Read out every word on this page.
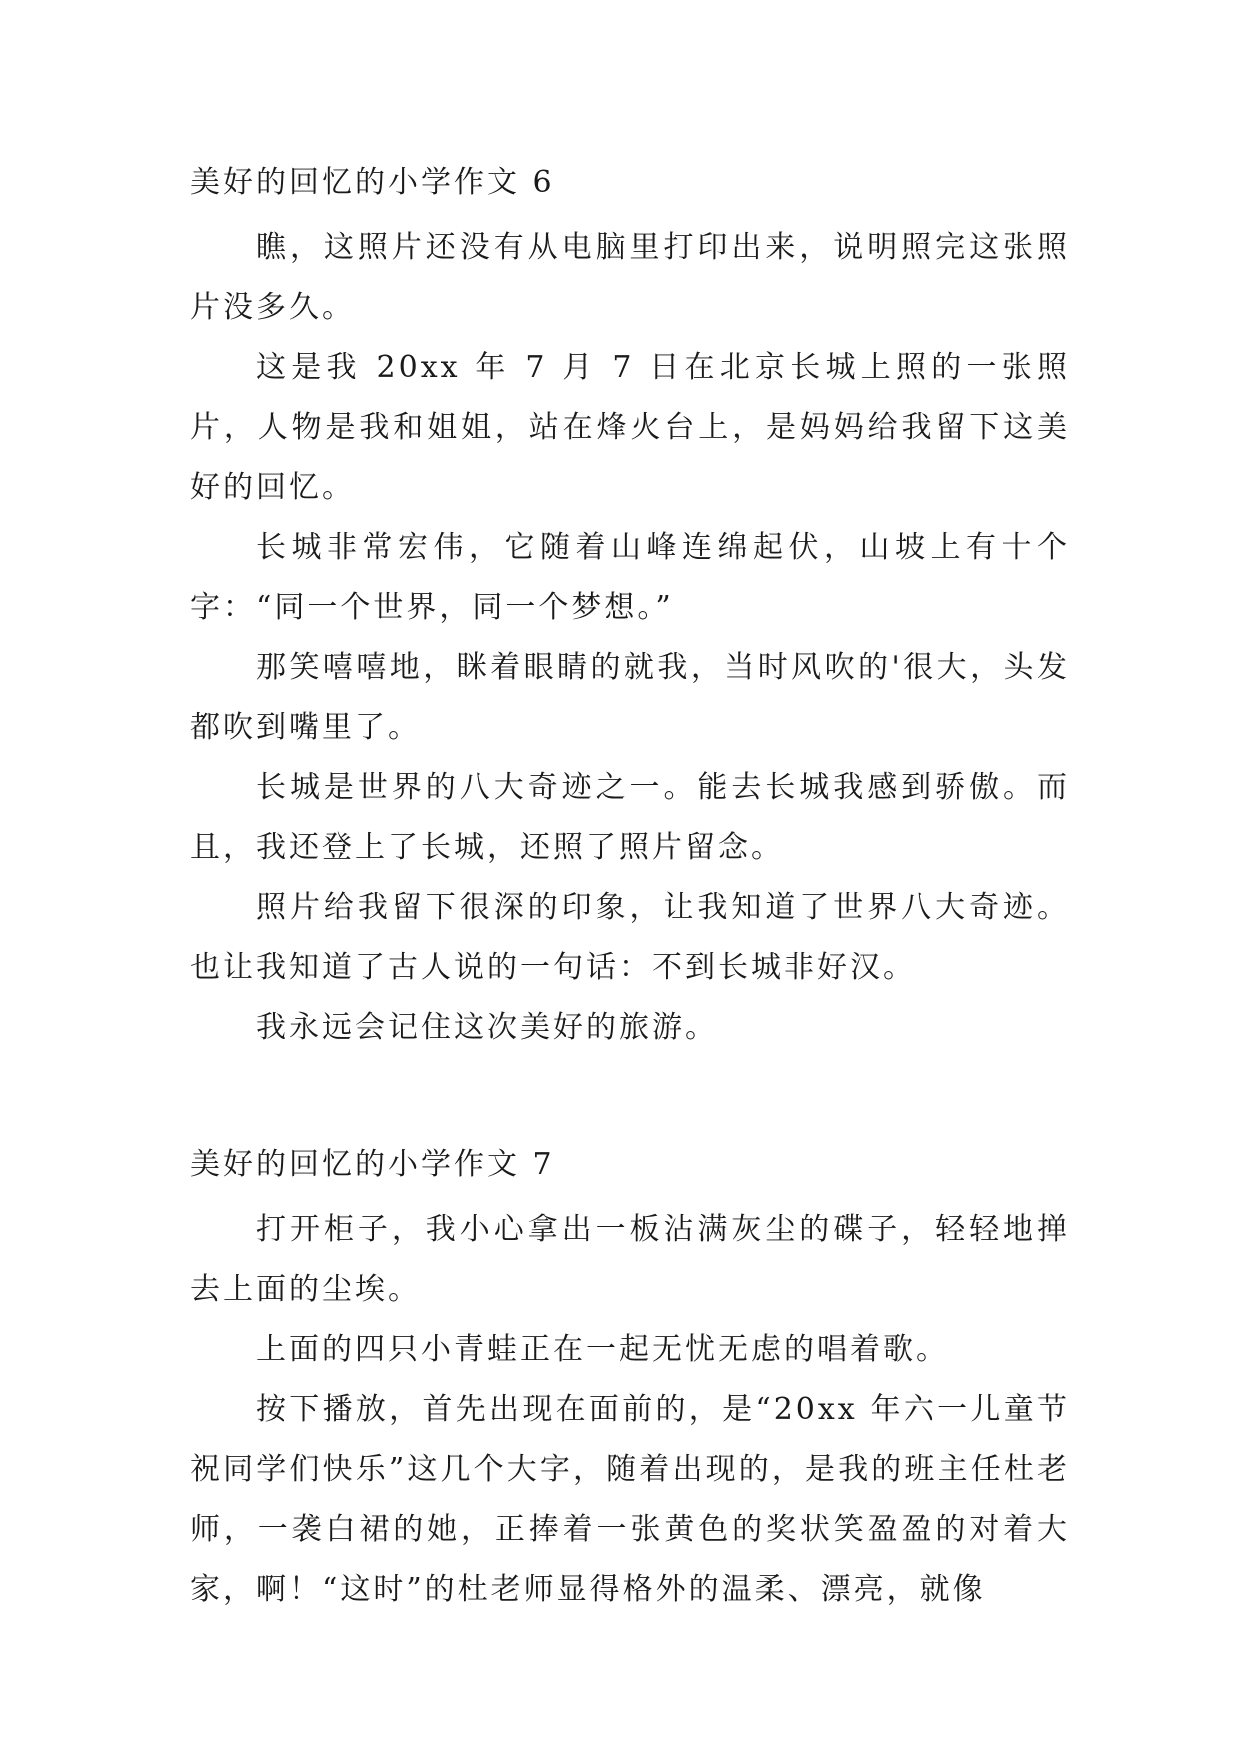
美好的回忆的小学作文 6

瞧，这照片还没有从电脑里打印出来，说明照完这张照片没多久。

这是我 20xx 年 7 月 7 日在北京长城上照的一张照片，人物是我和姐姐，站在烽火台上，是妈妈给我留下这美好的回忆。

长城非常宏伟，它随着山峰连绵起伏，山坡上有十个字：“同一个世界，同一个梦想。”

那笑嘻嘻地，眯着眼睛的就我，当时风吹的'很大，头发都吹到嘴里了。

长城是世界的八大奇迹之一。能去长城我感到骄傲。而且，我还登上了长城，还照了照片留念。

照片给我留下很深的印象，让我知道了世界八大奇迹。也让我知道了古人说的一句话：不到长城非好汉。

我永远会记住这次美好的旅游。

美好的回忆的小学作文 7

打开柜子，我小心拿出一板沾满灰尘的碟子，轻轻地掸去上面的尘埃。

上面的四只小青蛙正在一起无忧无虑的唱着歌。

按下播放，首先出现在面前的，是“20xx 年六一儿童节祝同学们快乐”这几个大字，随着出现的，是我的班主任杜老师，一袭白裙的她，正捧着一张黄色的奖状笑盈盈的对着大家，啊！“这时”的杜老师显得格外的温柔、漂亮，就像
